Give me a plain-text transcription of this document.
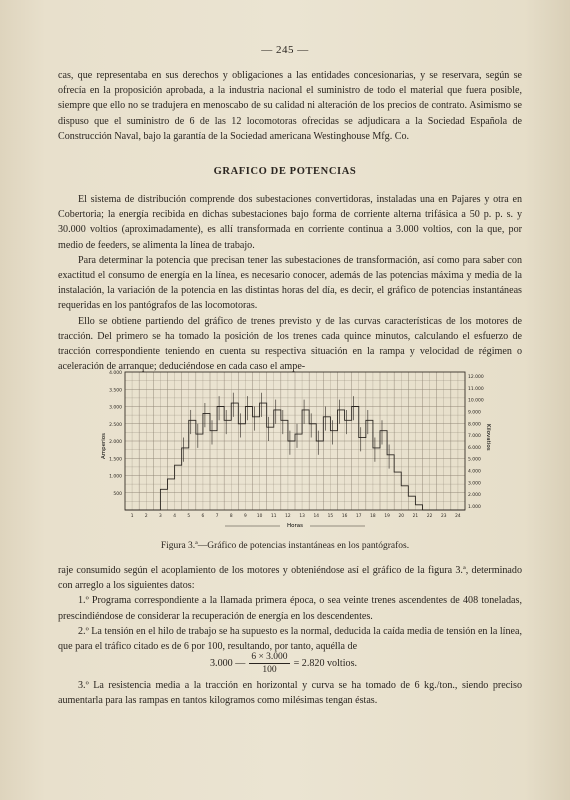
— 245 —

cas, que representaba en sus derechos y obligaciones a las entidades concesionarias, y se reservara, según se ofrecía en la proposición aprobada, a la industria nacional el suministro de todo el material que fuera posible, siempre que ello no se tradujera en menoscabo de su calidad ni alteración de los precios de contrato. Asimismo se dispuso que el suministro de 6 de las 12 locomotoras ofrecidas se adjudicara a la Sociedad Española de Construcción Naval, bajo la garantía de la Sociedad americana Westinghouse Mfg. Co.

GRAFICO DE POTENCIAS

El sistema de distribución comprende dos subestaciones convertidoras, instaladas una en Pajares y otra en Cobertoria; la energía recibida en dichas subestaciones bajo forma de corriente alterna trifásica a 50 p. p. s. y 30.000 voltios (aproximadamente), es allí transformada en corriente continua a 3.000 voltios, con la que, por medio de feeders, se alimenta la línea de trabajo.

Para determinar la potencia que precisan tener las subestaciones de transformación, así como para saber con exactitud el consumo de energía en la línea, es necesario conocer, además de las potencias máxima y media de la instalación, la variación de la potencia en las distintas horas del día, es decir, el gráfico de potencias instantáneas requeridas en los pantógrafos de las locomotoras.

Ello se obtiene partiendo del gráfico de trenes previsto y de las curvas características de los motores de tracción. Del primero se ha tomado la posición de los trenes cada quince minutos, calculando el esfuerzo de tracción correspondiente teniendo en cuenta su respectiva situación en la rampa y velocidad de régimen o aceleración de arranque; deduciéndose en cada caso el ampe-

4.000
3.500
3.000
2.500
2.000
1.500
1.000
500
12.000
11.000
10.000
9.000
8.000
7.000
6.000
5.000
4.000
3.000
2.000
1.000
1	2	3	4	5	6	7	8	9 10 11 12 13 14 15 16 17 18 19 20 21 22 23 24
Amperios	Kilovatios
Horas
Figura 3.ª—Gráfico de potencias instantáneas en los pantógrafos.

raje consumido según el acoplamiento de los motores y obteniéndose así el gráfico de la figura 3.ª, determinado con arreglo a los siguientes datos:

1.º Programa correspondiente a la llamada primera época, o sea veinte trenes ascendentes de 408 toneladas, prescindiéndose de considerar la recuperación de energía en los descendentes.

2.º La tensión en el hilo de trabajo se ha supuesto es la normal, deducida la caída media de tensión en la línea, que para el tráfico citado es de 6 por 100, resultando, por tanto, aquélla de

3.000 — $\frac{6 \times 3.000}{100} = 2.820$ voltios.

3.º La resistencia media a la tracción en horizontal y curva se ha tomado de 6 kg./ton., siendo preciso aumentarla para las rampas en tantos kilogramos como milésimas tengan éstas.
